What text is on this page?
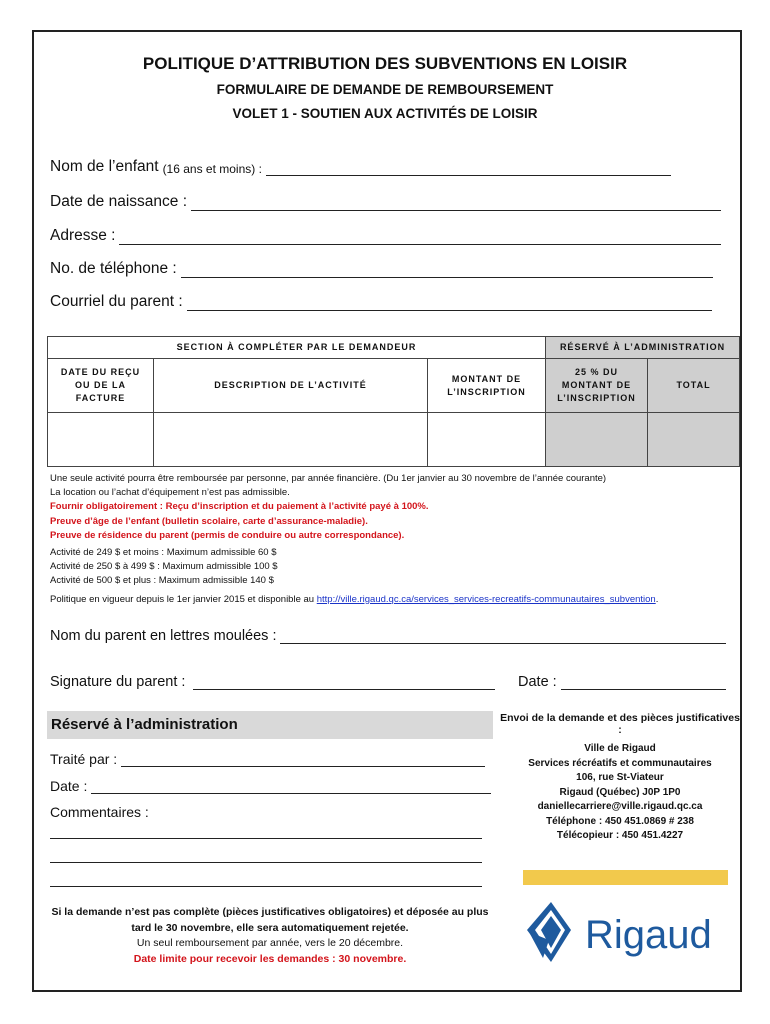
POLITIQUE D’ATTRIBUTION DES SUBVENTIONS EN LOISIR
FORMULAIRE DE DEMANDE DE REMBOURSEMENT
VOLET 1 - SOUTIEN AUX ACTIVITÉS DE LOISIR
Nom de l’enfant (16 ans et moins) :
Date de naissance :
Adresse :
No. de téléphone :
Courriel du parent :
SECTION À COMPLÉTER PAR LE DEMANDEUR			RÉSERVÉ À L’ADMINISTRATION	
DATE DU REÇU OU DE LA FACTURE	DESCRIPTION DE L’ACTIVITÉ	MONTANT DE L’INSCRIPTION	25 % DU MONTANT DE L’INSCRIPTION	TOTAL

Une seule activité pourra être remboursée par personne, par année financière. (Du 1er janvier au 30 novembre de l’année courante)
La location ou l’achat d’équipement n’est pas admissible.
Fournir obligatoirement : Reçu d’inscription et du paiement à l’activité payé à 100%.
Preuve d’âge de l’enfant (bulletin scolaire, carte d’assurance-maladie).
Preuve de résidence du parent (permis de conduire ou autre correspondance).
Activité de 249 $ et moins : Maximum admissible 60 $
Activité de 250 $ à 499 $ : Maximum admissible 100 $
Activité de 500 $ et plus : Maximum admissible 140 $
Politique en vigueur depuis le 1er janvier 2015 et disponible au http://ville.rigaud.qc.ca/services_services-recreatifs-communautaires_subvention.
Nom du parent en lettres moulées :
Signature du parent :	Date :
Réservé à l’administration
Traité par :
Date :
Commentaires :
Si la demande n’est pas complète (pièces justificatives obligatoires) et déposée au plus tard le 30 novembre, elle sera automatiquement rejetée.
Un seul remboursement par année, vers le 20 décembre.
Date limite pour recevoir les demandes : 30 novembre.
Envoi de la demande et des pièces justificatives :
Ville de Rigaud
Services récréatifs et communautaires
106, rue St-Viateur
Rigaud (Québec) J0P 1P0
daniellecarriere@ville.rigaud.qc.ca
Téléphone : 450 451.0869 # 238
Télécopieur : 450 451.4227
Rigaud
